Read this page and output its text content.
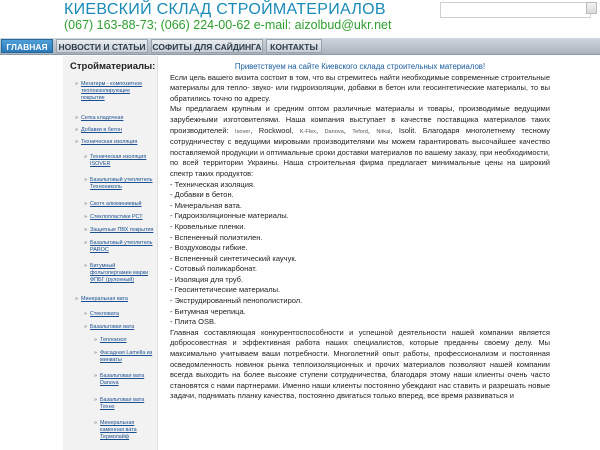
КИЕВСКИЙ СКЛАД СТРОЙМАТЕРИАЛОВ
(067) 163-88-73; (066) 224-00-62 e-mail: aizolbud@ukr.net
ГЛАВНАЯ	НОВОСТИ И СТАТЬИ СОФИТЫ ДЛЯ САЙДИНГА	КОНТАКТЫ
Стройматериалы:
» Мегатерм - композитное теплоизолирующее покрытие
» Сетка кладочная
» Добавки в бетон
» Техническая изоляция
» Техническая изоляция ISOVER
» Базальтовый утеплитель Технониколь
» Скотч алюминиевый
» Стеклопластики РСТ
» Защитные ПВХ покрытия
» Базальтовый утеплитель PAROC
» Битумный фольгопергамин марки ФПБГ (рулонный)
» Минеральная вата
» Стекловата
» Базальтовая вата
» Теплоизол
» Фасадная Lamella из минваты
» Базальтовая вата Danova
» Базальтовая вата Техно
» Минеральная каменная вата Термолайф

Приветствуем на сайте Киевского склада строительных материалов!

Если цель вашего визита состоит в том, что вы стремитесь найти необходимые современные строительные материалы для тепло- звуко- или гидроизоляции, добавки в бетон или геосинтетические материалы, то вы обратились точно по адресу.

Мы предлагаем крупным и средним оптом различные материалы и товары, производимые ведущими зарубежными изготовителями. Наша компания выступает в качестве поставщика материалов таких производителей: Isover, Rockwool, K-Flex, Danova, Teford, Nitkal, Isolit. Благодаря многолетнему тесному сотрудничеству с ведущими мировыми производителями мы можем гарантировать высочайшее качество поставляемой продукции и оптимальные сроки доставки материалов по вашему заказу, при необходимости, по всей территории Украины. Наша строительная фирма предлагает минимальные цены на широкий спектр таких продуктов:

- Техническая изоляция.

- Добавки в бетон.

- Минеральная вата.

- Гидроизоляционные материалы.

- Кровельные пленки.

- Вспененный полиэтилен.

- Воздуховоды гибкие.

- Вспененный синтетический каучук.

- Сотовый поликарбонат.

- Изоляция для труб.

- Геосинтетические материалы.

- Экструдированный пенополистирол.

- Битумная черепица.

- Плита OSB.

Главная составляющая конкурентоспособности и успешной деятельности нашей компании является добросовестная и эффективная работа наших специалистов, которые преданны своему делу. Мы максимально учитываем ваши потребности. Многолетний опыт работы, профессионализм и постоянная осведомленность новинок рынка теплоизоляционных и прочих материалов позволяют нашей компании всегда выходить на более высокие ступени сотрудничества, благодаря этому наши клиенты очень часто становятся с нами партнерами. Именно наши клиенты постоянно убеждают нас ставить и разрешать новые задачи, поднимать планку качества, постоянно двигаться только вперед, все время развиваться и
